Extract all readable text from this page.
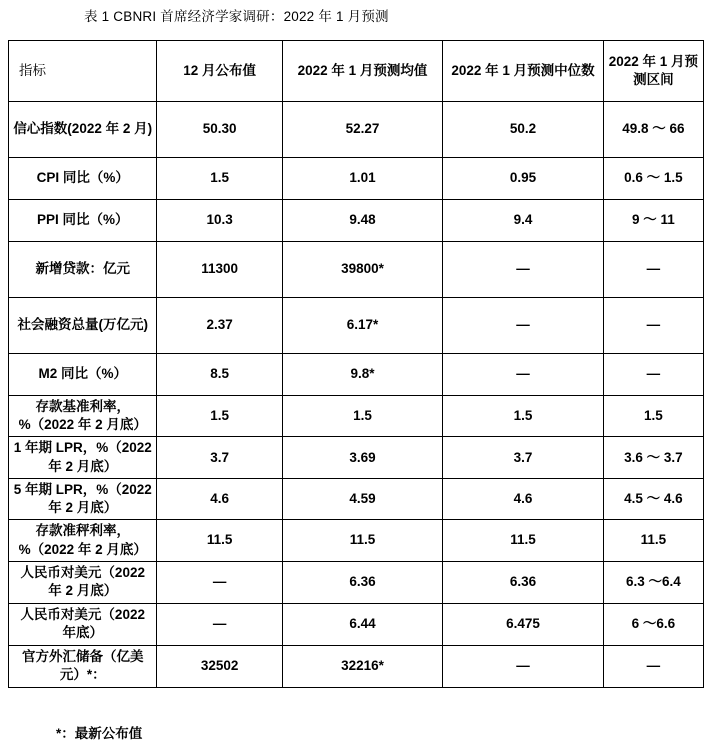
表 1 CBNRI 首席经济学家调研：2022 年 1 月预测
指标	12 月公布值	2022 年 1 月预测均值	2022 年 1 月预测中位数	2022 年 1 月预测区间
信心指数(2022 年 2 月)	50.30	52.27	50.2	49.8 ～ 66
CPI 同比（%）	1.5	1.01	0.95	0.6 ～ 1.5
PPI 同比（%）	10.3	9.48	9.4	9 ～ 11
新增贷款：亿元	11300	39800*	—	—
社会融资总量(万亿元)	2.37	6.17*	—	—
M2 同比（%）	8.5	9.8*	—	—
存款基准利率，%（2022 年 2 月底）	1.5	1.5	1.5	1.5
1 年期 LPR，%（2022 年 2 月底）	3.7	3.69	3.7	3.6 ～ 3.7
5 年期 LPR，%（2022 年 2 月底）	4.6	4.59	4.6	4.5 ～ 4.6
存款准秤利率，%（2022 年 2 月底）	11.5	11.5	11.5	11.5
人民币对美元（2022 年 2 月底）	—	6.36	6.36	6.3 ～6.4
人民币对美元（2022 年底）	—	6.44	6.475	6 ～6.6
官方外汇储备（亿美元）*：	32502	32216*	—	—
*：最新公布值
